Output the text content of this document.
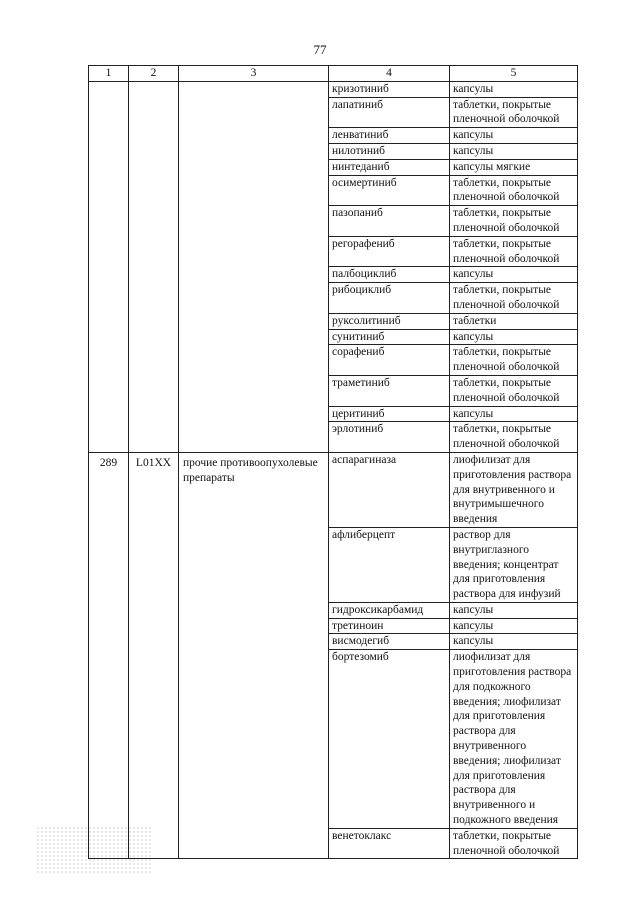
77
1	2	3	4	5
			кризотиниб	капсулы
			лапатиниб	таблетки, покрытые пленочной оболочкой
			ленватиниб	капсулы
			нилотиниб	капсулы
			нинтеданиб	капсулы мягкие
			осимертиниб	таблетки, покрытые пленочной оболочкой
			пазопаниб	таблетки, покрытые пленочной оболочкой
			регорафениб	таблетки, покрытые пленочной оболочкой
			палбоциклиб	капсулы
			рибоциклиб	таблетки, покрытые пленочной оболочкой
			руксолитиниб	таблетки
			сунитиниб	капсулы
			сорафениб	таблетки, покрытые пленочной оболочкой
			траметиниб	таблетки, покрытые пленочной оболочкой
			церитиниб	капсулы
			эрлотиниб	таблетки, покрытые пленочной оболочкой
289	L01XX	прочие противоопухолевые препараты	аспарагиназа	лиофилизат для приготовления раствора для внутривенного и внутримышечного введения
			афлиберцепт	раствор для внутриглазного введения; концентрат для приготовления раствора для инфузий
			гидроксикарбамид	капсулы
			третиноин	капсулы
			висмодегиб	капсулы
			бортезомиб	лиофилизат для приготовления раствора для подкожного введения; лиофилизат для приготовления раствора для внутривенного введения; лиофилизат для приготовления раствора для внутривенного и подкожного введения
			венетоклакс	таблетки, покрытые пленочной оболочкой
